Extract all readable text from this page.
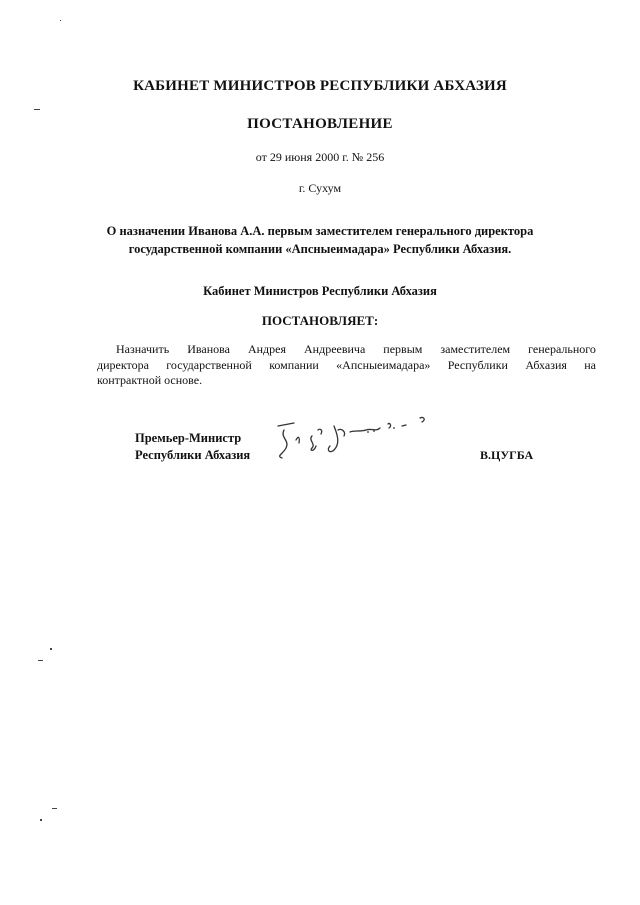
КАБИНЕТ МИНИСТРОВ РЕСПУБЛИКИ АБХАЗИЯ
ПОСТАНОВЛЕНИЕ
от 29 июня 2000 г. № 256
г. Сухум
О назначении Иванова А.А. первым заместителем генерального директора
государственной компании «Апсныеимадара» Республики Абхазия.
Кабинет Министров Республики Абхазия
ПОСТАНОВЛЯЕТ:
Назначить Иванова Андрея Андреевича первым заместителем генерального
директора государственной компании «Апсныеимадара» Республики Абхазия на
контрактной основе.
Премьер-Министр
Республики Абхазия	В.ЦУГБА
